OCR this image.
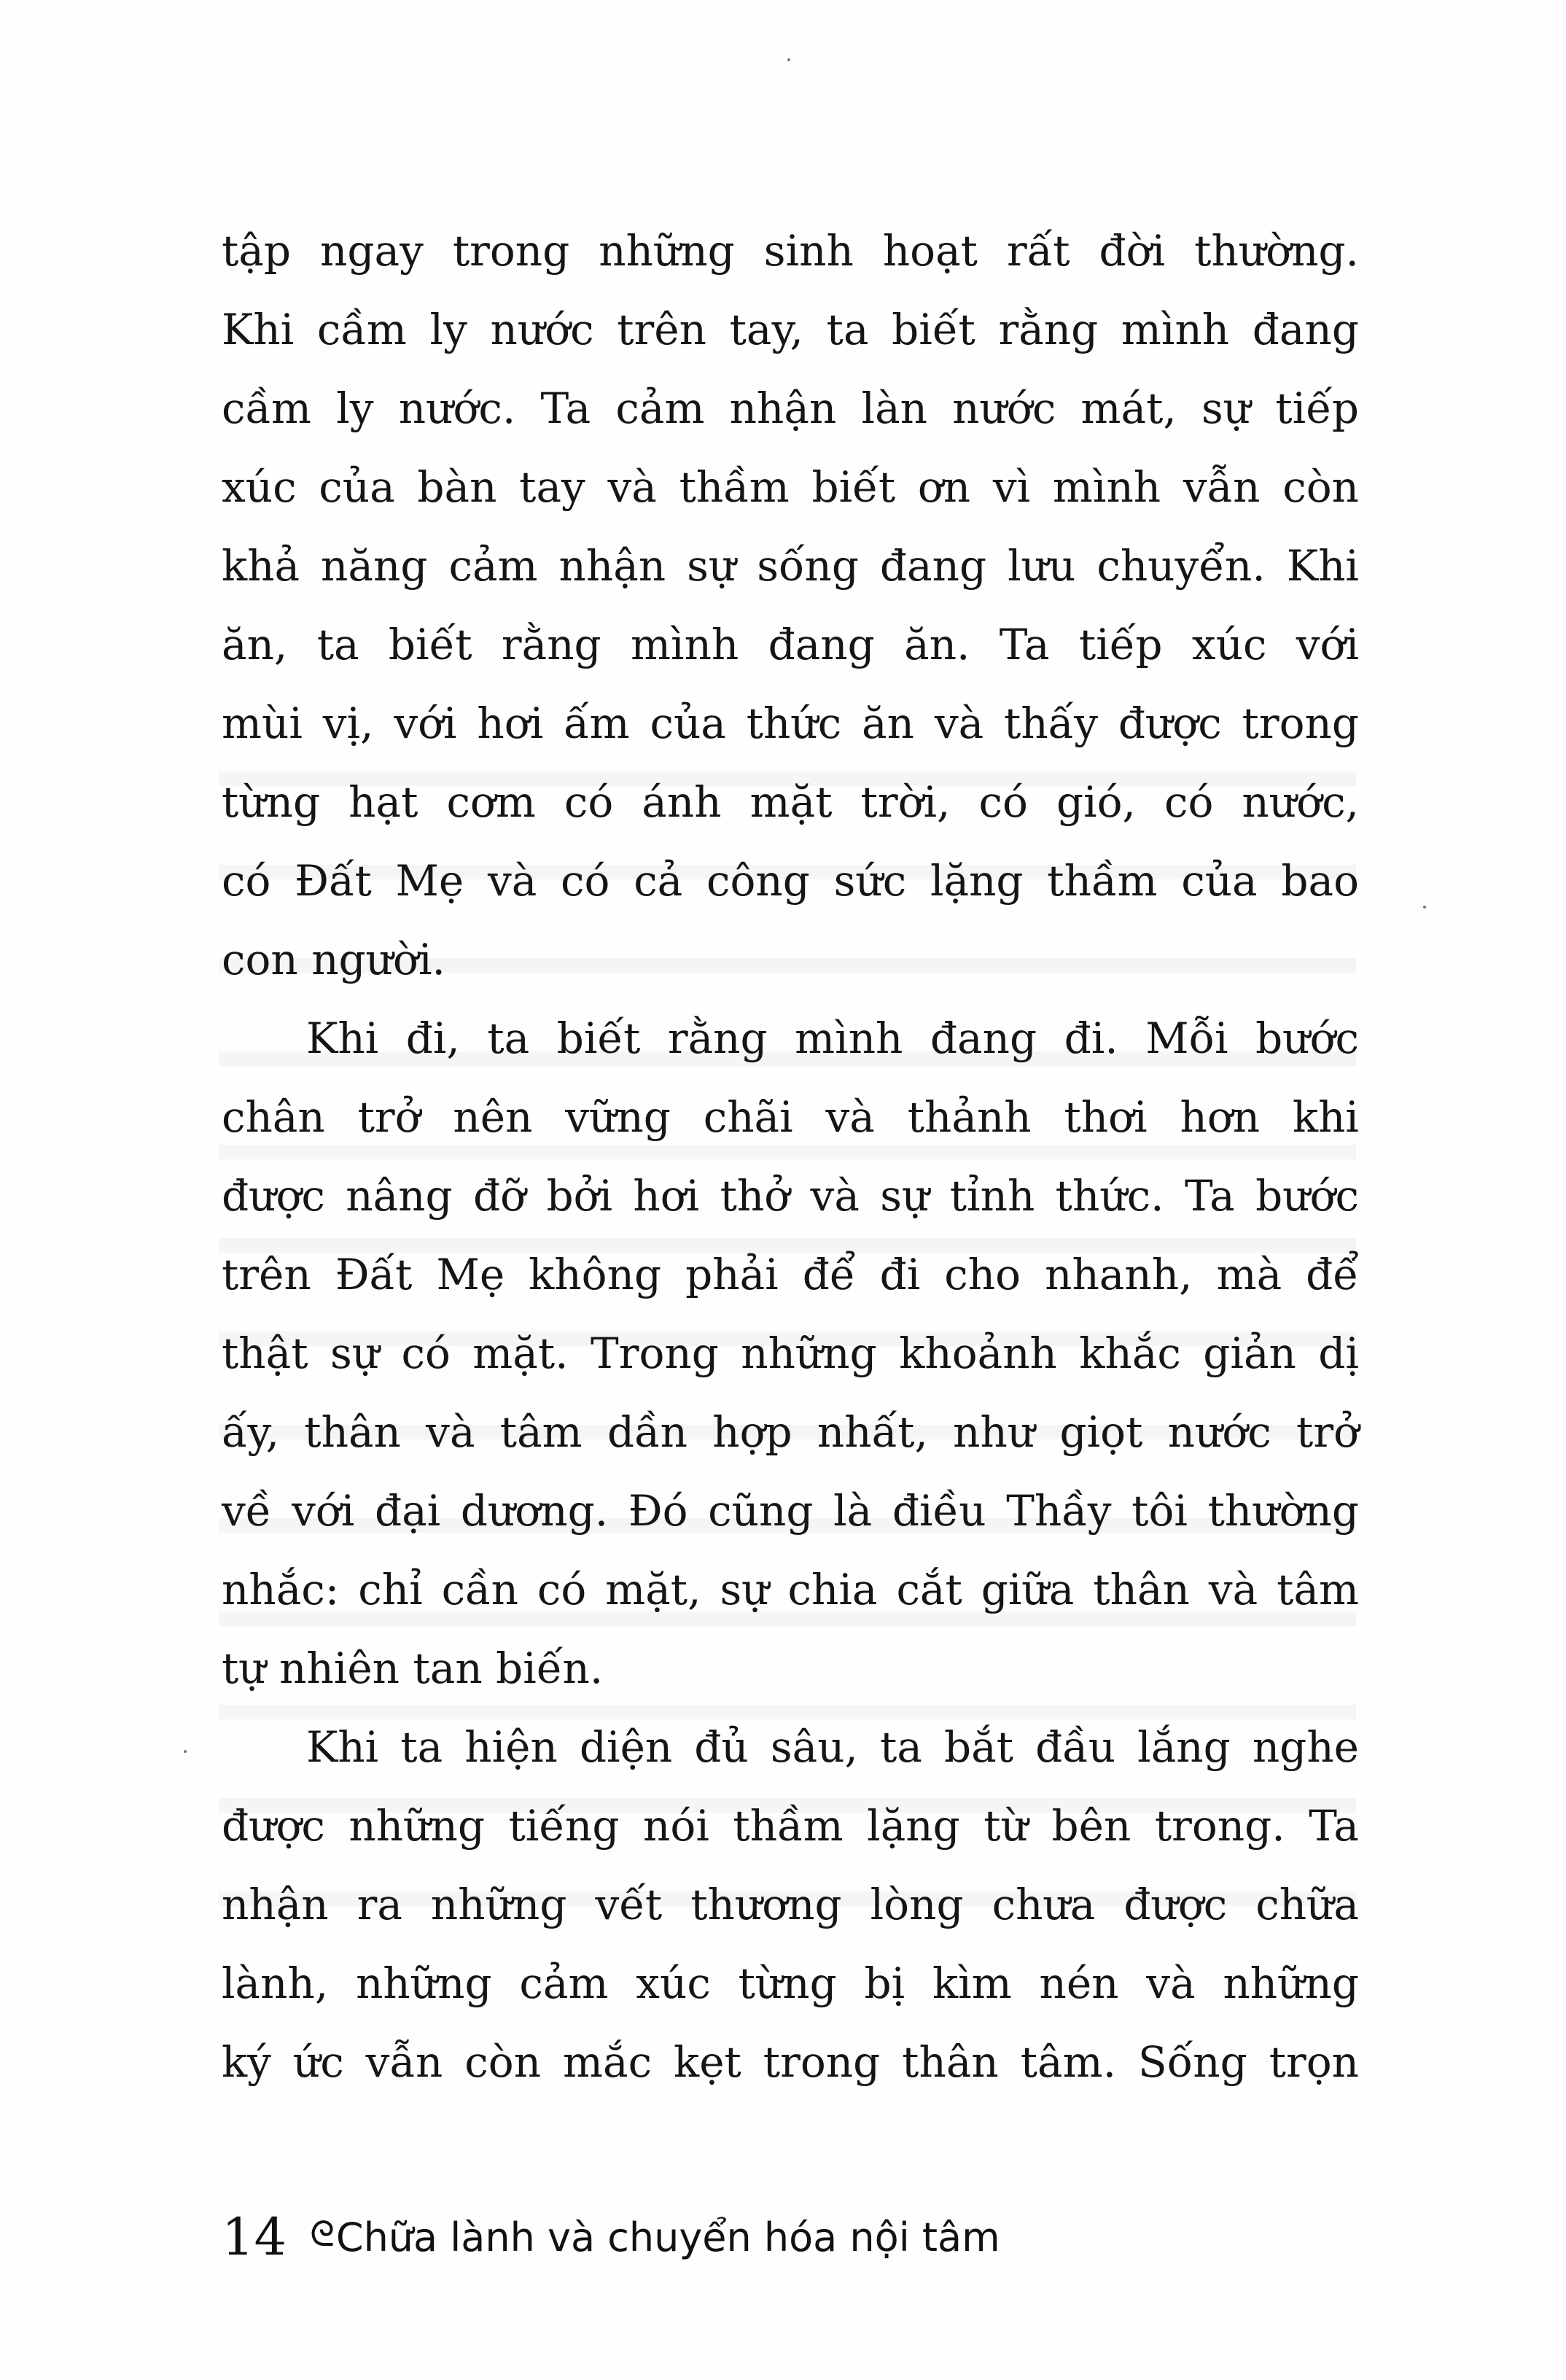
tập ngay trong những sinh hoạt rất đời thường.
Khi cầm ly nước trên tay, ta biết rằng mình đang
cầm ly nước. Ta cảm nhận làn nước mát, sự tiếp
xúc của bàn tay và thầm biết ơn vì mình vẫn còn
khả năng cảm nhận sự sống đang lưu chuyển. Khi
ăn, ta biết rằng mình đang ăn. Ta tiếp xúc với
mùi vị, với hơi ấm của thức ăn và thấy được trong
từng hạt cơm có ánh mặt trời, có gió, có nước,
có Đất Mẹ và có cả công sức lặng thầm của bao
con người.
Khi đi, ta biết rằng mình đang đi. Mỗi bước
chân trở nên vững chãi và thảnh thơi hơn khi
được nâng đỡ bởi hơi thở và sự tỉnh thức. Ta bước
trên Đất Mẹ không phải để đi cho nhanh, mà để
thật sự có mặt. Trong những khoảnh khắc giản dị
ấy, thân và tâm dần hợp nhất, như giọt nước trở
về với đại dương. Đó cũng là điều Thầy tôi thường
nhắc: chỉ cần có mặt, sự chia cắt giữa thân và tâm
tự nhiên tan biến.
Khi ta hiện diện đủ sâu, ta bắt đầu lắng nghe
được những tiếng nói thầm lặng từ bên trong. Ta
nhận ra những vết thương lòng chưa được chữa
lành, những cảm xúc từng bị kìm nén và những
ký ức vẫn còn mắc kẹt trong thân tâm. Sống trọn
14 ᘓ Chữa lành và chuyển hóa nội tâm
